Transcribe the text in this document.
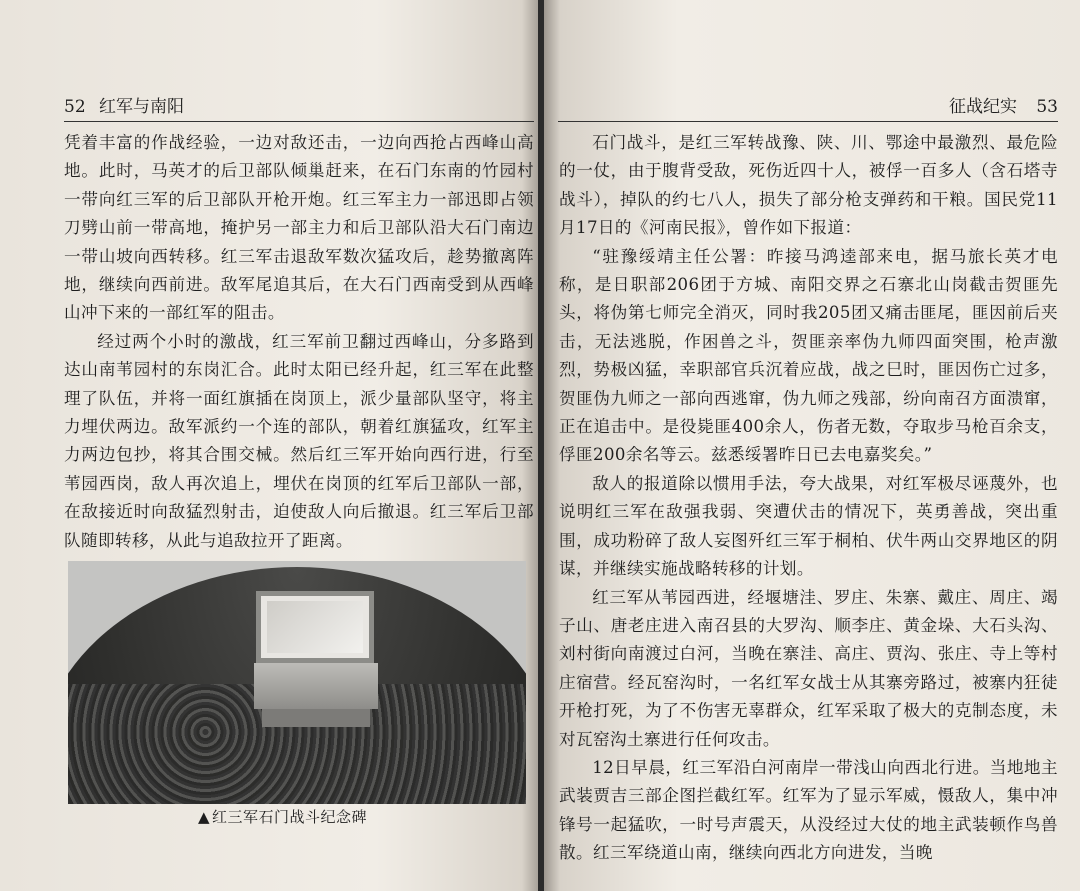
52 红军与南阳

凭着丰富的作战经验，一边对敌还击，一边向西抢占西峰山高地。此时，马英才的后卫部队倾巢赶来，在石门东南的竹园村一带向红三军的后卫部队开枪开炮。红三军主力一部迅即占领刀劈山前一带高地，掩护另一部主力和后卫部队沿大石门南边一带山坡向西转移。红三军击退敌军数次猛攻后，趁势撤离阵地，继续向西前进。敌军尾追其后，在大石门西南受到从西峰山冲下来的一部红军的阻击。

经过两个小时的激战，红三军前卫翻过西峰山，分多路到达山南苇园村的东岗汇合。此时太阳已经升起，红三军在此整理了队伍，并将一面红旗插在岗顶上，派少量部队坚守，将主力埋伏两边。敌军派约一个连的部队，朝着红旗猛攻，红军主力两边包抄，将其合围交械。然后红三军开始向西行进，行至苇园西岗，敌人再次追上，埋伏在岗顶的红军后卫部队一部，在敌接近时向敌猛烈射击，迫使敌人向后撤退。红三军后卫部队随即转移，从此与追敌拉开了距离。

▲ 红三军石门战斗纪念碑
征战纪实 53

石门战斗，是红三军转战豫、陕、川、鄂途中最激烈、最危险的一仗，由于腹背受敌，死伤近四十人，被俘一百多人（含石塔寺战斗），掉队的约七八人，损失了部分枪支弹药和干粮。国民党11月17日的《河南民报》，曾作如下报道：

“驻豫绥靖主任公署：昨接马鸿逵部来电，据马旅长英才电称，是日职部206团于方城、南阳交界之石寨北山岗截击贺匪先头，将伪第七师完全消灭，同时我205团又痛击匪尾，匪因前后夹击，无法逃脱，作困兽之斗，贺匪亲率伪九师四面突围，枪声激烈，势极凶猛，幸职部官兵沉着应战，战之巳时，匪因伤亡过多，贺匪伪九师之一部向西逃窜，伪九师之残部，纷向南召方面溃窜，正在追击中。是役毙匪400余人，伤者无数，夺取步马枪百余支，俘匪200余名等云。兹悉绥署昨日已去电嘉奖矣。”

敌人的报道除以惯用手法，夸大战果，对红军极尽诬蔑外，也说明红三军在敌强我弱、突遭伏击的情况下，英勇善战，突出重围，成功粉碎了敌人妄图歼红三军于桐柏、伏牛两山交界地区的阴谋，并继续实施战略转移的计划。

红三军从苇园西进，经堰塘洼、罗庄、朱寨、戴庄、周庄、竭子山、唐老庄进入南召县的大罗沟、顺李庄、黄金垛、大石头沟、刘村街向南渡过白河，当晚在寨洼、高庄、贾沟、张庄、寺上等村庄宿营。经瓦窑沟时，一名红军女战士从其寨旁路过，被寨内狂徒开枪打死，为了不伤害无辜群众，红军采取了极大的克制态度，未对瓦窑沟土寨进行任何攻击。

12日早晨，红三军沿白河南岸一带浅山向西北行进。当地地主武装贾吉三部企图拦截红军。红军为了显示军威，慑敌人，集中冲锋号一起猛吹，一时号声震天，从没经过大仗的地主武装顿作鸟兽散。红三军绕道山南，继续向西北方向进发，当晚
